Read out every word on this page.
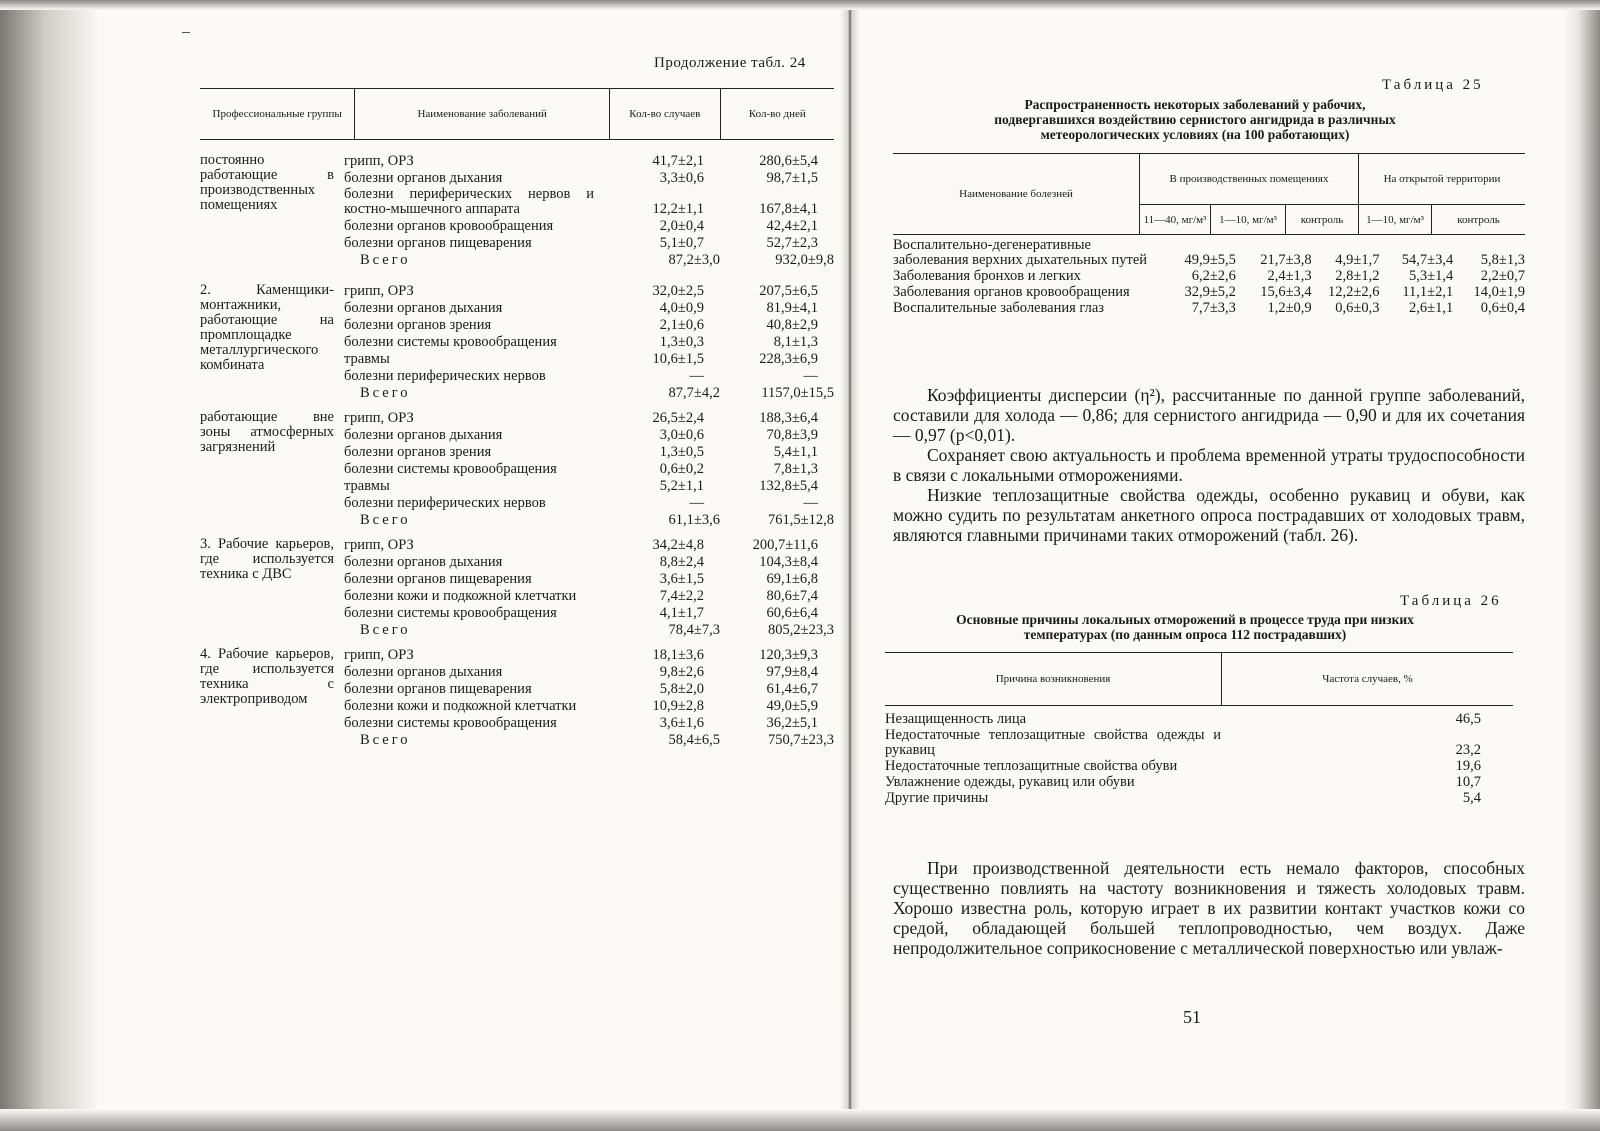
Продолжение табл. 24
Профессиональные группы	Наименование заболеваний	Кол-во случаев	Кол-во дней
постоянно работающие в производственных помещениях
грипп, ОРЗ	41,7±2,1	280,6±5,4
болезни органов дыхания	3,3±0,6	98,7±1,5
болезни периферических нервов и костно-мышечного аппарата	12,2±1,1	167,8±4,1
болезни органов кровообращения	2,0±0,4	42,4±2,1
болезни органов пищеварения	5,1±0,7	52,7±2,3
Всего	87,2±3,0	932,0±9,8
2. Каменщики-монтажники, работающие на промплощадке металлургического комбината
грипп, ОРЗ	32,0±2,5	207,5±6,5
болезни органов дыхания	4,0±0,9	81,9±4,1
болезни органов зрения	2,1±0,6	40,8±2,9
болезни системы кровообращения	1,3±0,3	8,1±1,3
травмы	10,6±1,5	228,3±6,9
болезни периферических нервов	—	—
Всего	87,7±4,2	1157,0±15,5
работающие вне зоны атмосферных загрязнений
грипп, ОРЗ	26,5±2,4	188,3±6,4
болезни органов дыхания	3,0±0,6	70,8±3,9
болезни органов зрения	1,3±0,5	5,4±1,1
болезни системы кровообращения	0,6±0,2	7,8±1,3
травмы	5,2±1,1	132,8±5,4
болезни периферических нервов	—	—
Всего	61,1±3,6	761,5±12,8
3. Рабочие карьеров, где используется техника с ДВС
грипп, ОРЗ	34,2±4,8	200,7±11,6
болезни органов дыхания	8,8±2,4	104,3±8,4
болезни органов пищеварения	3,6±1,5	69,1±6,8
болезни кожи и подкожной клетчатки	7,4±2,2	80,6±7,4
болезни системы кровообращения	4,1±1,7	60,6±6,4
Всего	78,4±7,3	805,2±23,3
4. Рабочие карьеров, где используется техника с электроприводом
грипп, ОРЗ	18,1±3,6	120,3±9,3
болезни органов дыхания	9,8±2,6	97,9±8,4
болезни органов пищеварения	5,8±2,0	61,4±6,7
болезни кожи и подкожной клетчатки	10,9±2,8	49,0±5,9
болезни системы кровообращения	3,6±1,6	36,2±5,1
Всего	58,4±6,5	750,7±23,3
Таблица 25
Распространенность некоторых заболеваний у рабочих, подвергавшихся воздействию сернистого ангидрида в различных метеорологических условиях (на 100 работающих)
Наименование болезней
В производственных помещениях	На открытой территории
11—40, мг/м³	1—10, мг/м³	контроль	1—10, мг/м³	контроль
Воспалительно-дегенеративные заболевания верхних дыхательных путей	49,9±5,5	21,7±3,8	4,9±1,7	54,7±3,4	5,8±1,3
Заболевания бронхов и легких	6,2±2,6	2,4±1,3	2,8±1,2	5,3±1,4	2,2±0,7
Заболевания органов кровообращения	32,9±5,2	15,6±3,4	12,2±2,6	11,1±2,1	14,0±1,9
Воспалительные заболевания глаз	7,7±3,3	1,2±0,9	0,6±0,3	2,6±1,1	0,6±0,4

Коэффициенты дисперсии (η²), рассчитанные по данной группе заболеваний, составили для холода — 0,86; для сернистого ангидрида — 0,90 и для их сочетания — 0,97 (p<0,01).

Сохраняет свою актуальность и проблема временной утраты трудоспособности в связи с локальными отморожениями.

Низкие теплозащитные свойства одежды, особенно рукавиц и обуви, как можно судить по результатам анкетного опроса пострадавших от холодовых травм, являются главными причинами таких отморожений (табл. 26).

Таблица 26
Основные причины локальных отморожений в процессе труда при низких температурах (по данным опроса 112 пострадавших)
Причина возникновения	Частота случаев, %
Незащищенность лица	46,5
Недостаточные теплозащитные свойства одежды и рукавиц	23,2
Недостаточные теплозащитные свойства обуви	19,6
Увлажнение одежды, рукавиц или обуви	10,7
Другие причины	5,4

При производственной деятельности есть немало факторов, способных существенно повлиять на частоту возникновения и тяжесть холодовых травм. Хорошо известна роль, которую играет в их развитии контакт участков кожи со средой, обладающей большей теплопроводностью, чем воздух. Даже непродолжительное соприкосновение с металлической поверхностью или увлаж-

51
